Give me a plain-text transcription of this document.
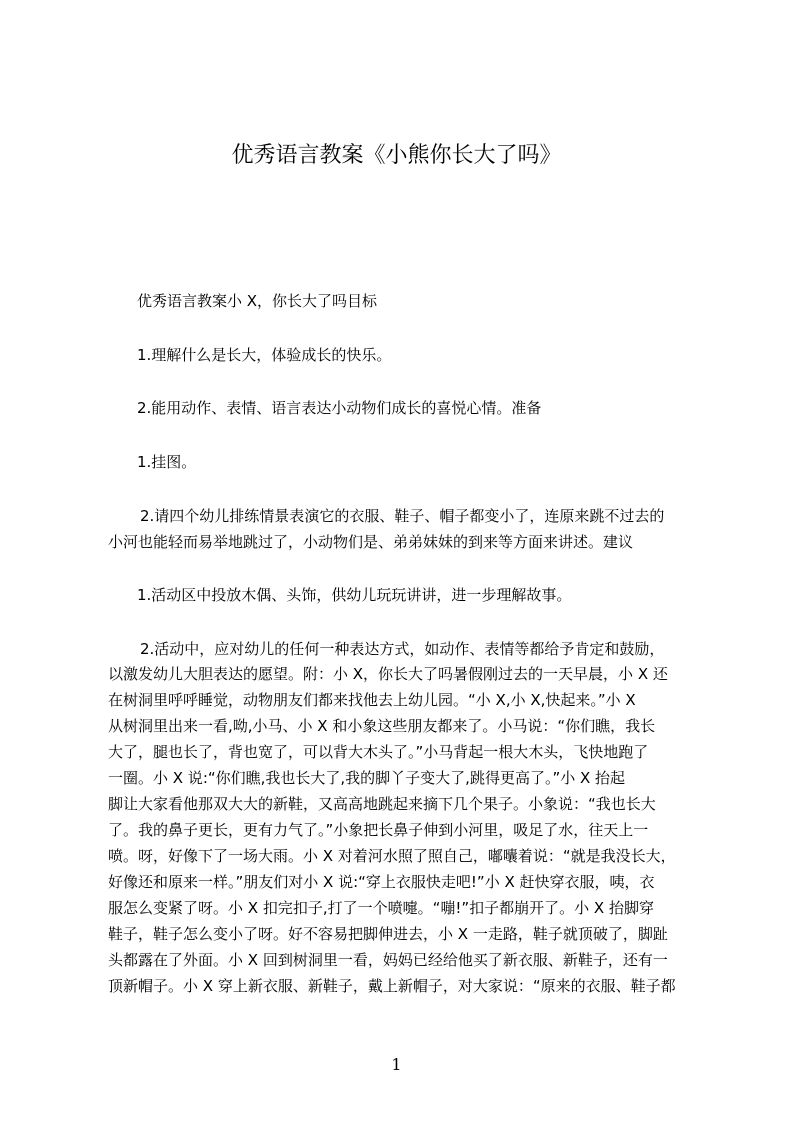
优秀语言教案《小熊你长大了吗》
优秀语言教案小 X，你长大了吗目标
1.理解什么是长大，体验成长的快乐。
2.能用动作、表情、语言表达小动物们成长的喜悦心情。准备
1.挂图。
2.请四个幼儿排练情景表演它的衣服、鞋子、帽子都变小了，连原来跳不过去的
小河也能轻而易举地跳过了，小动物们是、弟弟妹妹的到来等方面来讲述。建议
1.活动区中投放木偶、头饰，供幼儿玩玩讲讲，进一步理解故事。
2.活动中，应对幼儿的任何一种表达方式，如动作、表情等都给予肯定和鼓励，
以激发幼儿大胆表达的愿望。附：小 X，你长大了吗暑假刚过去的一天早晨，小 X 还
在树洞里呼呼睡觉，动物朋友们都来找他去上幼儿园。“小 X,小 X,快起来。”小 X
从树洞里出来一看,呦,小马、小 X 和小象这些朋友都来了。小马说：“你们瞧，我长
大了，腿也长了，背也宽了，可以背大木头了。”小马背起一根大木头，飞快地跑了
一圈。小 X 说:“你们瞧,我也长大了,我的脚丫子变大了,跳得更高了。”小 X 抬起
脚让大家看他那双大大的新鞋，又高高地跳起来摘下几个果子。小象说：“我也长大
了。我的鼻子更长，更有力气了。”小象把长鼻子伸到小河里，吸足了水，往天上一
喷。呀，好像下了一场大雨。小 X 对着河水照了照自己，嘟囔着说：“就是我没长大，
好像还和原来一样。”朋友们对小 X 说:“穿上衣服快走吧!”小 X 赶快穿衣服，咦，衣
服怎么变紧了呀。小 X 扣完扣子,打了一个喷嚏。“嘣!”扣子都崩开了。小 X 抬脚穿
鞋子，鞋子怎么变小了呀。好不容易把脚伸进去，小 X 一走路，鞋子就顶破了，脚趾
头都露在了外面。小 X 回到树洞里一看，妈妈已经给他买了新衣服、新鞋子，还有一
顶新帽子。小 X 穿上新衣服、新鞋子，戴上新帽子，对大家说：“原来的衣服、鞋子都
1
